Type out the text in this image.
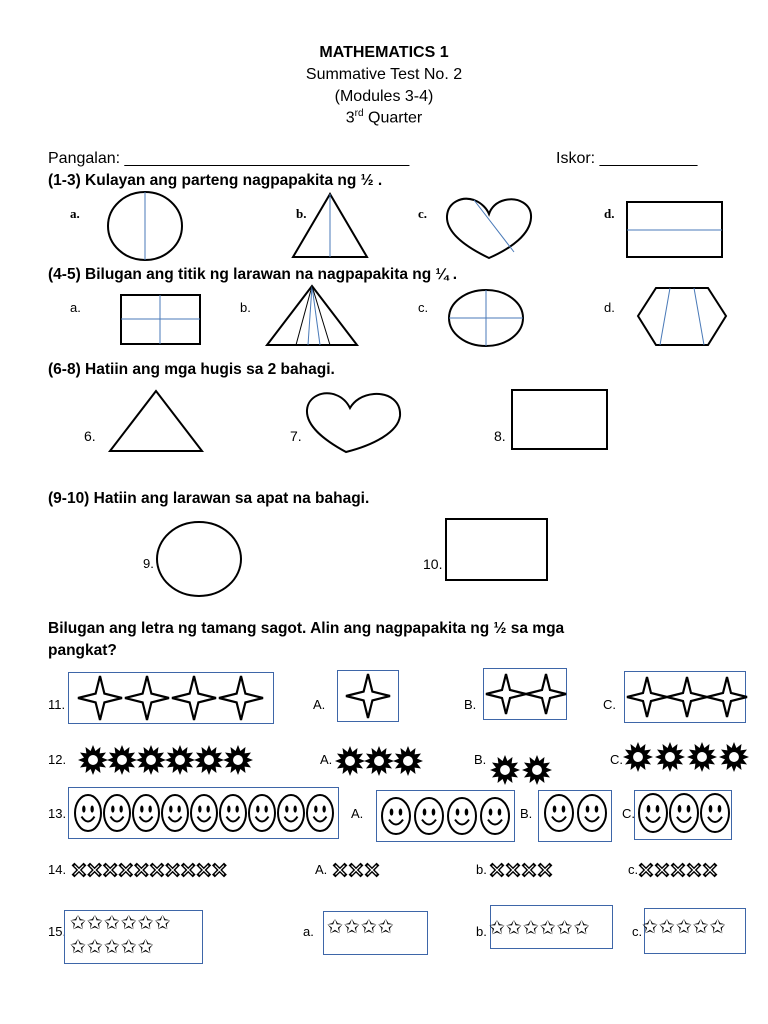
MATHEMATICS 1
Summative Test No. 2
(Modules 3-4)
3rd Quarter
Pangalan: ________________________________	Iskor: ___________
(1-3) Kulayan ang parteng nagpapakita ng ½ .
a.	b.	c.	d.
(4-5) Bilugan ang titik ng larawan na nagpapakita ng ¼ .
a.	b.	c.	d.
(6-8) Hatiin ang mga hugis sa 2 bahagi.
6.	7.	8.
(9-10) Hatiin ang larawan sa apat na bahagi.
9.	10.
Bilugan ang letra ng tamang sagot. Alin ang nagpapakita ng ½ sa mga
pangkat?
11.	A.	B.	C.
12.	A.	B.	C.
13.	A.	B.	C.
14.	A.	b.	c.
15.	a.	b.	c.
✩✩✩✩✩✩
✩✩✩✩✩
✩✩✩✩	✩✩✩✩✩✩	✩✩✩✩✩
